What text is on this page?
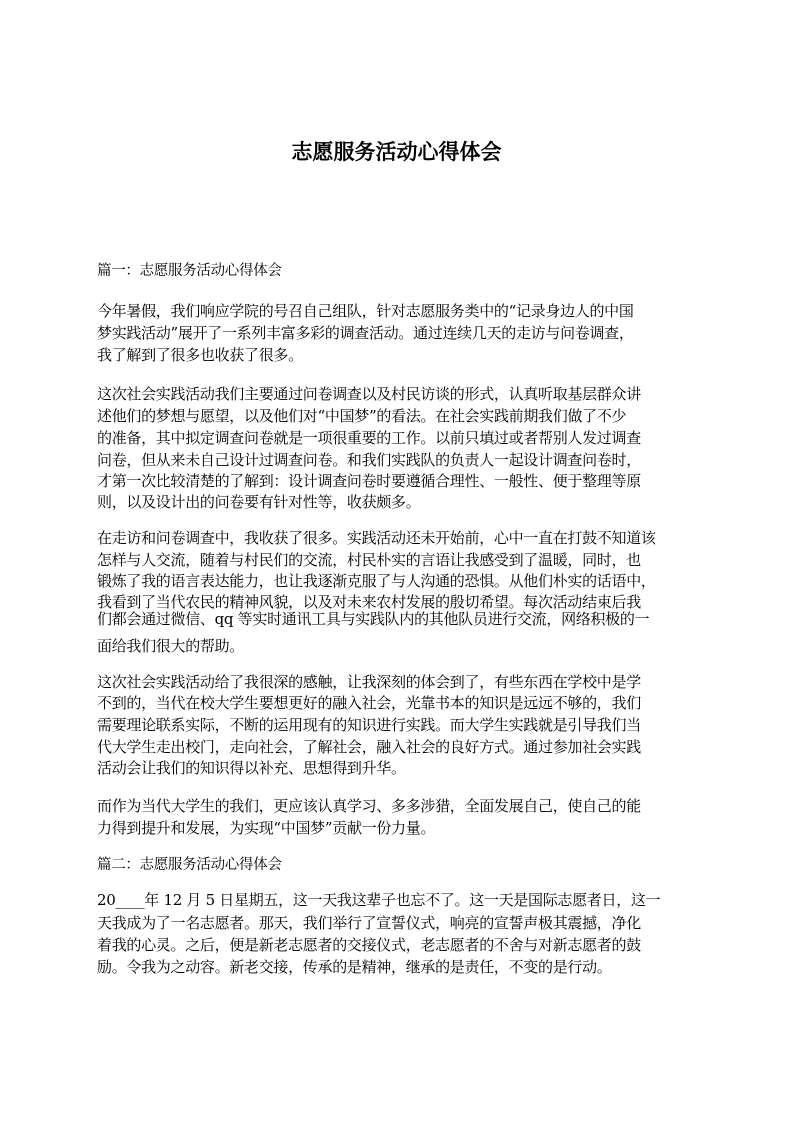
志愿服务活动心得体会
篇一：志愿服务活动心得体会
今年暑假，我们响应学院的号召自己组队，针对志愿服务类中的“记录身边人的中国
梦实践活动”展开了一系列丰富多彩的调查活动。通过连续几天的走访与问卷调查，
我了解到了很多也收获了很多。
这次社会实践活动我们主要通过问卷调查以及村民访谈的形式，认真听取基层群众讲
述他们的梦想与愿望，以及他们对“中国梦”的看法。在社会实践前期我们做了不少
的准备，其中拟定调查问卷就是一项很重要的工作。以前只填过或者帮别人发过调查
问卷，但从来未自己设计过调查问卷。和我们实践队的负责人一起设计调查问卷时，
才第一次比较清楚的了解到：设计调查问卷时要遵循合理性、一般性、便于整理等原
则，以及设计出的问卷要有针对性等，收获颇多。
在走访和问卷调查中，我收获了很多。实践活动还未开始前，心中一直在打鼓不知道该
怎样与人交流，随着与村民们的交流，村民朴实的言语让我感受到了温暖，同时，也
锻炼了我的语言表达能力，也让我逐渐克服了与人沟通的恐惧。从他们朴实的话语中，
我看到了当代农民的精神风貌，以及对未来农村发展的殷切希望。每次活动结束后我
们都会通过微信、qq 等实时通讯工具与实践队内的其他队员进行交流，网络积极的一
面给我们很大的帮助。
这次社会实践活动给了我很深的感触，让我深刻的体会到了，有些东西在学校中是学
不到的，当代在校大学生要想更好的融入社会，光靠书本的知识是远远不够的，我们
需要理论联系实际，不断的运用现有的知识进行实践。而大学生实践就是引导我们当
代大学生走出校门，走向社会，了解社会，融入社会的良好方式。通过参加社会实践
活动会让我们的知识得以补充、思想得到升华。
而作为当代大学生的我们，更应该认真学习、多多涉猎，全面发展自己，使自己的能
力得到提升和发展，为实现“中国梦”贡献一份力量。
篇二：志愿服务活动心得体会
20____年 12 月 5 日星期五，这一天我这辈子也忘不了。这一天是国际志愿者日，这一
天我成为了一名志愿者。那天，我们举行了宣誓仪式，响亮的宣誓声极其震撼，净化
着我的心灵。之后，便是新老志愿者的交接仪式，老志愿者的不舍与对新志愿者的鼓
励。令我为之动容。新老交接，传承的是精神，继承的是责任，不变的是行动。
